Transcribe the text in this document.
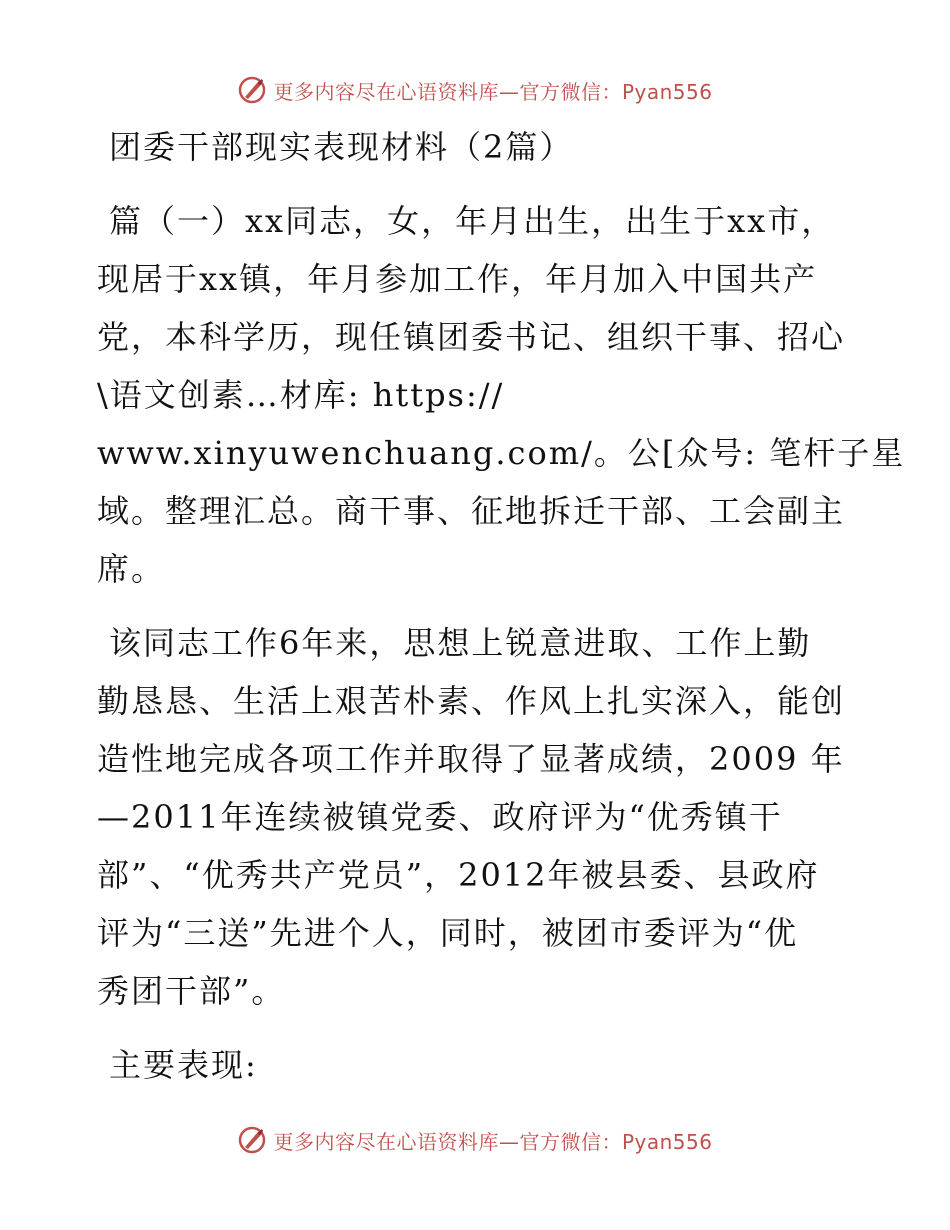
更多内容尽在心语资料库—官方微信：Pyan556
团委干部现实表现材料（2篇）
篇（一）xx同志，女，年月出生，出生于xx市，
现居于xx镇，年月参加工作，年月加入中国共产
党，本科学历，现任镇团委书记、组织干事、招心
\语文创素…材库: https://
www.xinyuwenchuang.com/。公[众号: 笔杆子星
域。整理汇总。商干事、征地拆迁干部、工会副主
席。
该同志工作6年来，思想上锐意进取、工作上勤
勤恳恳、生活上艰苦朴素、作风上扎实深入，能创
造性地完成各项工作并取得了显著成绩，2009 年
—2011年连续被镇党委、政府评为“优秀镇干
部”、“优秀共产党员”，2012年被县委、县政府
评为“三送”先进个人，同时，被团市委评为“优
秀团干部”。
主要表现:
更多内容尽在心语资料库—官方微信：Pyan556
